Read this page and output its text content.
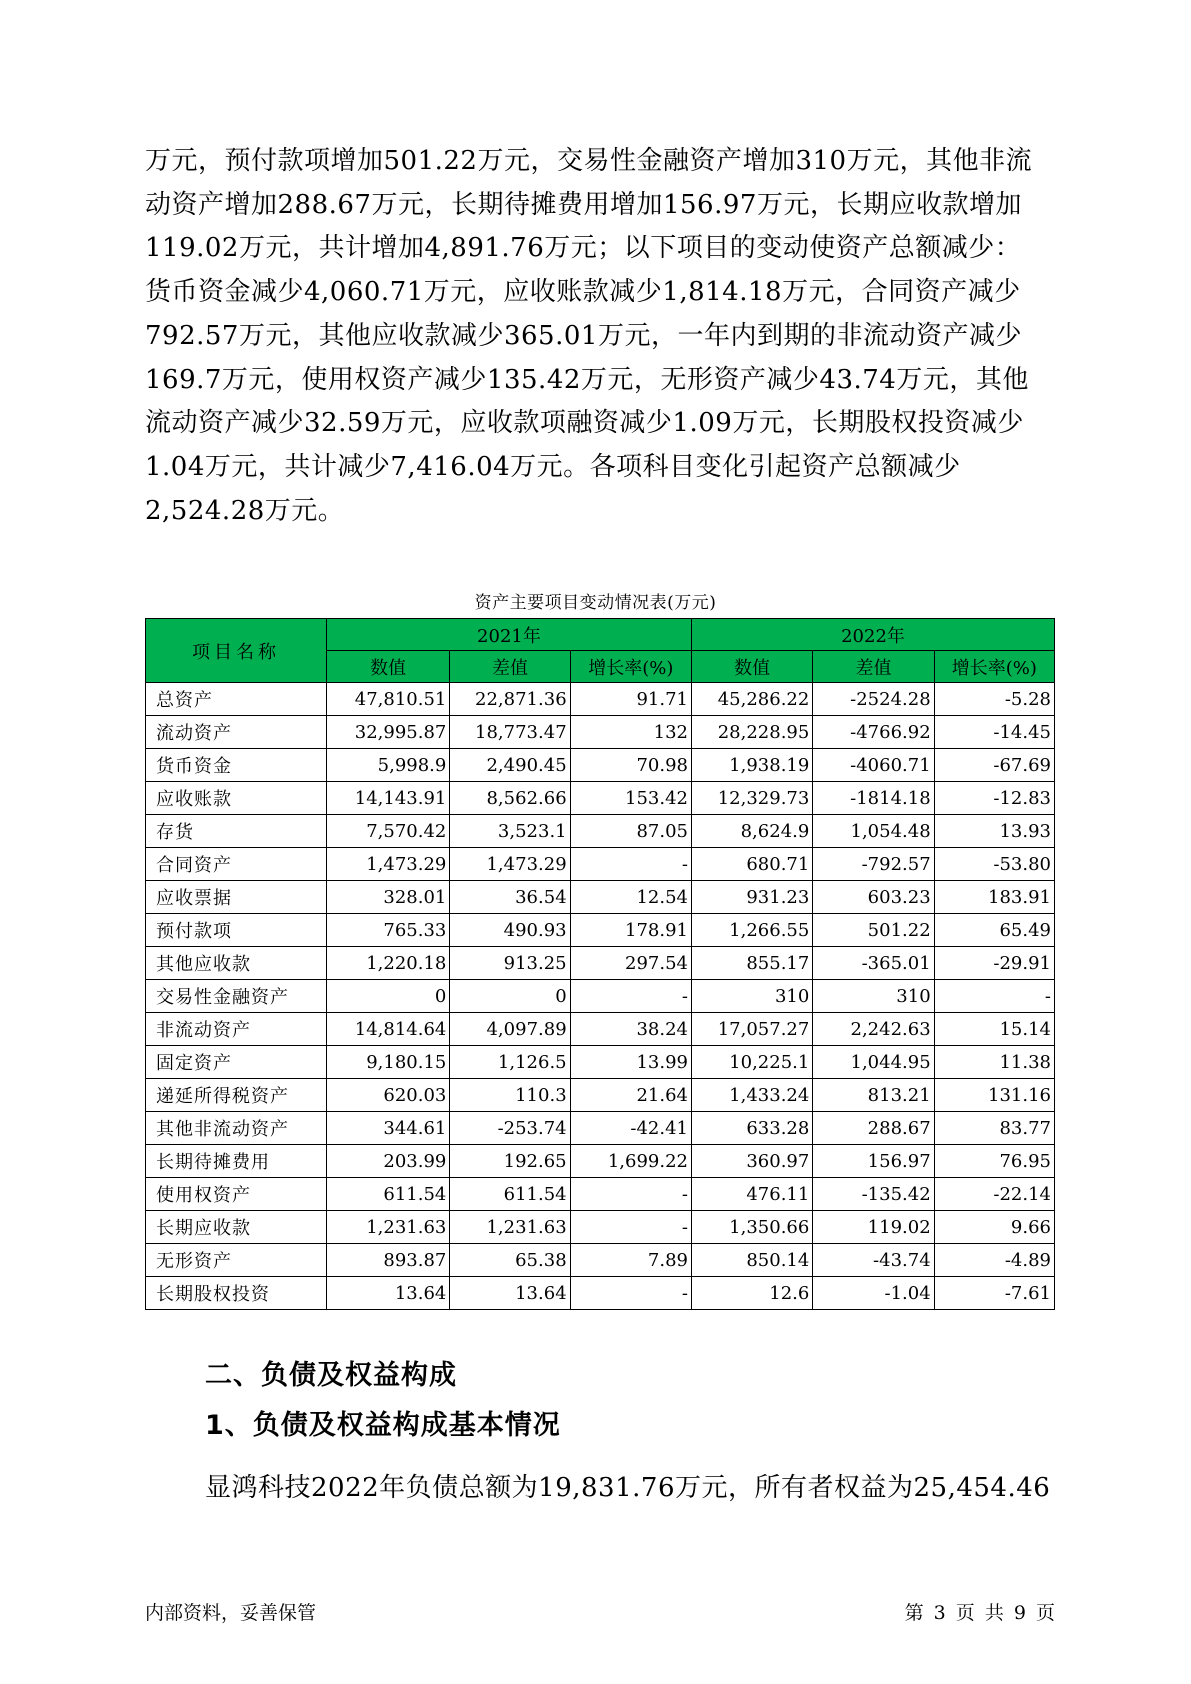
万元，预付款项增加501.22万元，交易性金融资产增加310万元，其他非流
动资产增加288.67万元，长期待摊费用增加156.97万元，长期应收款增加
119.02万元，共计增加4,891.76万元；以下项目的变动使资产总额减少：
货币资金减少4,060.71万元，应收账款减少1,814.18万元，合同资产减少
792.57万元，其他应收款减少365.01万元，一年内到期的非流动资产减少
169.7万元，使用权资产减少135.42万元，无形资产减少43.74万元，其他
流动资产减少32.59万元，应收款项融资减少1.09万元，长期股权投资减少
1.04万元，共计减少7,416.04万元。各项科目变化引起资产总额减少
2,524.28万元。
资产主要项目变动情况表(万元)
项目名称	2021年			2022年		
	数值	差值	增长率(%)	数值	差值	增长率(%)
总资产	47,810.51	22,871.36	91.71	45,286.22	-2524.28	-5.28
流动资产	32,995.87	18,773.47	132	28,228.95	-4766.92	-14.45
货币资金	5,998.9	2,490.45	70.98	1,938.19	-4060.71	-67.69
应收账款	14,143.91	8,562.66	153.42	12,329.73	-1814.18	-12.83
存货	7,570.42	3,523.1	87.05	8,624.9	1,054.48	13.93
合同资产	1,473.29	1,473.29	-	680.71	-792.57	-53.80
应收票据	328.01	36.54	12.54	931.23	603.23	183.91
预付款项	765.33	490.93	178.91	1,266.55	501.22	65.49
其他应收款	1,220.18	913.25	297.54	855.17	-365.01	-29.91
交易性金融资产	0	0	-	310	310	-
非流动资产	14,814.64	4,097.89	38.24	17,057.27	2,242.63	15.14
固定资产	9,180.15	1,126.5	13.99	10,225.1	1,044.95	11.38
递延所得税资产	620.03	110.3	21.64	1,433.24	813.21	131.16
其他非流动资产	344.61	-253.74	-42.41	633.28	288.67	83.77
长期待摊费用	203.99	192.65	1,699.22	360.97	156.97	76.95
使用权资产	611.54	611.54	-	476.11	-135.42	-22.14
长期应收款	1,231.63	1,231.63	-	1,350.66	119.02	9.66
无形资产	893.87	65.38	7.89	850.14	-43.74	-4.89
长期股权投资	13.64	13.64	-	12.6	-1.04	-7.61
二、负债及权益构成
1、负债及权益构成基本情况
显鸿科技2022年负债总额为19,831.76万元，所有者权益为25,454.46
内部资料，妥善保管	第 3 页 共 9 页
